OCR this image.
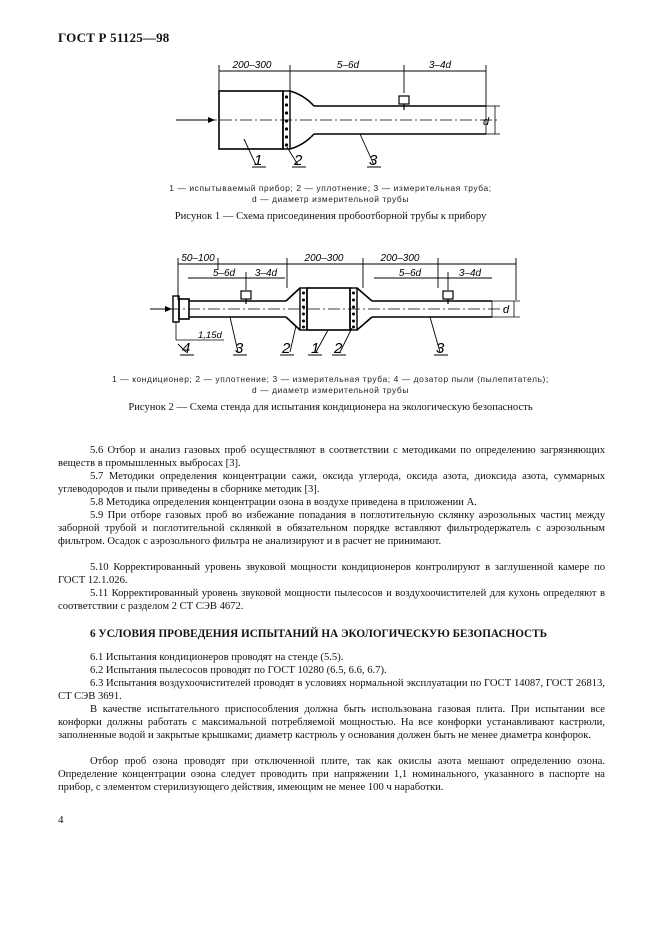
ГОСТ Р 51125—98
200–300	5–6d	3–4d
d
1 2	3
1 — испытываемый прибор; 2 — уплотнение; 3 — измерительная труба;
d — диаметр измерительной трубы
Рисунок 1 — Схема присоединения пробоотборной трубы к прибору
50–100	200–300	200–300
5–6d 3–4d	5–6d	3–4d
d
1,15d
4	3	2 1 2	3
1 — кондиционер; 2 — уплотнение; 3 — измерительная труба; 4 — дозатор пыли (пылепитатель);
d — диаметр измерительной трубы
Рисунок 2 — Схема стенда для испытания кондиционера на экологическую безопасность

5.6 Отбор и анализ газовых проб осуществляют в соответствии с методиками по определению загрязняющих веществ в промышленных выбросах [3].

5.7 Методики определения концентрации сажи, оксида углерода, оксида азота, диоксида азота, суммарных углеводородов и пыли приведены в сборнике методик [3].

5.8 Методика определения концентрации озона в воздухе приведена в приложении А.

5.9 При отборе газовых проб во избежание попадания в поглотительную склянку аэрозольных частиц между заборной трубой и поглотительной склянкой в обязательном порядке вставляют фильтродержатель с аэрозольным фильтром. Осадок с аэрозольного фильтра не анализируют и в расчет не принимают.

5.10 Корректированный уровень звуковой мощности кондиционеров контролируют в заглушенной камере по ГОСТ 12.1.026.

5.11 Корректированный уровень звуковой мощности пылесосов и воздухоочистителей для кухонь определяют в соответствии с разделом 2 СТ СЭВ 4672.

6 УСЛОВИЯ ПРОВЕДЕНИЯ ИСПЫТАНИЙ НА ЭКОЛОГИЧЕСКУЮ БЕЗОПАСНОСТЬ

6.1 Испытания кондиционеров проводят на стенде (5.5).

6.2 Испытания пылесосов проводят по ГОСТ 10280 (6.5, 6.6, 6.7).

6.3 Испытания воздухоочистителей проводят в условиях нормальной эксплуатации по ГОСТ 14087, ГОСТ 26813, СТ СЭВ 3691.

В качестве испытательного приспособления должна быть использована газовая плита. При испытании все конфорки должны работать с максимальной потребляемой мощностью. На все конфорки устанавливают кастрюли, заполненные водой и закрытые крышками; диаметр кастрюль у основания должен быть не менее диаметра конфорок.

Отбор проб озона проводят при отключенной плите, так как окислы азота мешают определению озона. Определение концентрации озона следует проводить при напряжении 1,1 номинального, указанного в паспорте на прибор, с элементом стерилизующего действия, имеющим не менее 100 ч наработки.

4
